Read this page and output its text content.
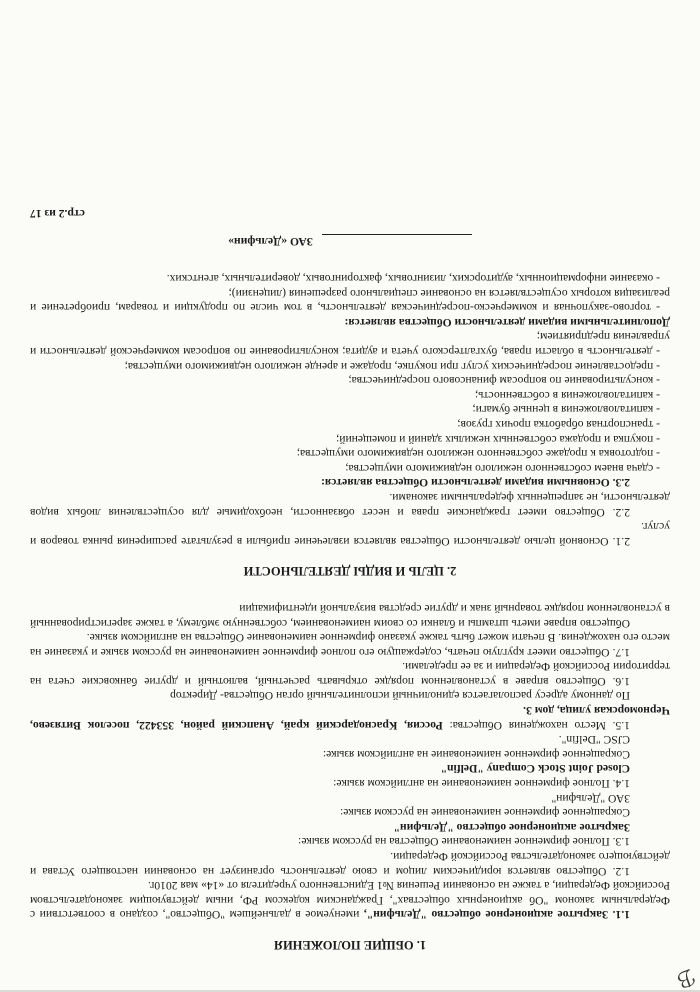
ℬ
1. ОБЩИЕ ПОЛОЖЕНИЯ

1.1. Закрытое акционерное общество "Дельфин", именуемое в дальнейшем "Общество", создано в соответствии с Федеральным законом "Об акционерных обществах", Гражданским кодексом РФ, иным действующим законодательством Российской Федерации, а также на основании Решения №1 Единственного учредителя от «14» мая 2010г.

1.2. Общество является юридическим лицом и свою деятельность организует на основании настоящего Устава и действующего законодательства Российской Федерации.

1.3. Полное фирменное наименование Общества на русском языке:

Закрытое акционерное общество "Дельфин"

Сокращенное фирменное наименование на русском языке:

ЗАО "Дельфин"

1.4. Полное фирменное наименование на английском языке:

Closed Joint Stock Company "Delfin"

Сокращенное фирменное наименование на английском языке:

CJSC "Delfin".

1.5. Место нахождения Общества: Россия, Краснодарский край, Анапский район, 353422, поселок Витязево, Черноморская улица, дом 3.

По данному адресу располагается единоличный исполнительный орган Общества- Директор

1.6. Общество вправе в установленном порядке открывать расчетный, валютный и другие банковские счета на территории Российской Федерации и за ее пределами.

1.7. Общество имеет круглую печать, содержащую его полное фирменное наименование на русском языке и указание на место его нахождения. В печати может быть также указано фирменное наименование Общества на английском языке.

Общество вправе иметь штампы и бланки со своим наименованием, собственную эмблему, а также зарегистрированный в установленном порядке товарный знак и другие средства визуальной идентификации

2. ЦЕЛЬ И ВИДЫ ДЕЯТЕЛЬНОСТИ

2.1. Основной целью деятельности Общества является извлечение прибыли в результате расширения рынка товаров и услуг.

2.2. Общество имеет гражданские права и несет обязанности, необходимые для осуществления любых видов деятельности, не запрещенных федеральными законами.

2.3. Основными видами деятельности Общества является:

- сдача внаем собственного нежилого недвижимого имущества;

- подготовка к продаже собственного нежилого недвижимого имущества;

- покупка и продажа собственных нежилых зданий и помещений;

- транспортная обработка прочих грузов;

- капиталовложения в ценные бумаги;

- капиталовложения в собственность;

- консультирование по вопросам финансового посредничества;

- предоставление посреднических услуг при покупке, продаже и аренде нежилого недвижимого имущества;

- деятельность в области права, бухгалтерского учета и аудита; консультирование по вопросам коммерческой деятельности и управления предприятием;

Дополнительными видами деятельности Общества является:

- торгово-закупочная и коммерческо-посредническая деятельность, в том числе по продукции и товарам, приобретение и реализация которых осуществляется на основание специального разрешения (лицензии);

- оказание информационных, аудиторских, лизинговых, факторинговых, доверительных, агентских.

ЗАО «Дельфин»
стр.2 из 17
